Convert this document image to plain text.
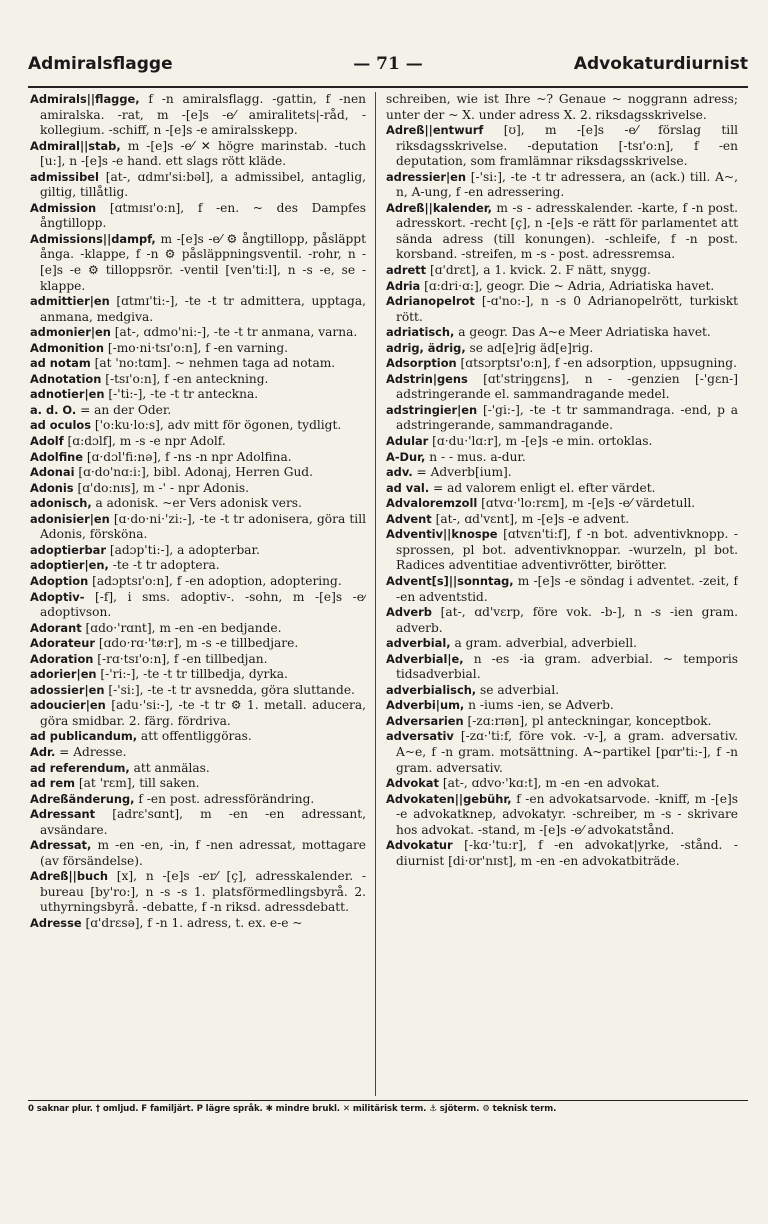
Admiralsflagge	— 71 —	Advokaturdiurnist

Admirals||flagge, f -n amiralsflagg. -gattin, f -nen amiralska. -rat, m -[e]s -e⁄ amiralitets|-råd, -kollegium. -schiff, n -[e]s -e amiralsskepp.

Admiral||stab, m -[e]s -e⁄ ✕ högre marinstab. -tuch [u:], n -[e]s -e hand. ett slags rött kläde.

admissibel [at-, ɑdmɪ'si:bəl], a admissibel, antaglig, giltig, tillåtlig.

Admission [ɑtmɪsɪ'o:n], f -en. ~ des Dampfes ångtillopp.

Admissions||dampf, m -[e]s -e⁄ ⚙ ångtillopp, påsläppt ånga. -klappe, f -n ⚙ påsläppningsventil. -rohr, n -[e]s -e ⚙ tilloppsrör. -ventil [ven'ti:l], n -s -e, se -klappe.

admittier|en [ɑtmɪ'ti:-], -te -t tr admittera, upptaga, anmana, medgiva.

admonier|en [at-, ɑdmo'ni:-], -te -t tr anmana, varna.

Admonition [-mo·ni·tsɪ'o:n], f -en varning.

ad notam [at 'no:tɑm]. ~ nehmen taga ad notam.

Adnotation [-tsɪ'o:n], f -en anteckning.

adnotier|en [-'ti:-], -te -t tr anteckna.

a. d. O. = an der Oder.

ad oculos ['o:ku·lo:s], adv mitt för ögonen, tydligt.

Adolf [ɑ:dɔlf], m -s -e npr Adolf.

Adolfine [ɑ·dɔl'fi:nə], f -ns -n npr Adolfina.

Adonai [ɑ·do'nɑ:i:], bibl. Adonaj, Herren Gud.

Adonis [ɑ'do:nɪs], m -' - npr Adonis.

adonisch, a adonisk. ~er Vers adonisk vers.

adonisier|en [ɑ·do·ni·'zi:-], -te -t tr adonisera, göra till Adonis, försköna.

adoptierbar [adɔp'ti:-], a adopterbar.

adoptier|en, -te -t tr adoptera.

Adoption [adɔptsɪ'o:n], f -en adoption, adoptering.

Adoptiv- [-f], i sms. adoptiv-. -sohn, m -[e]s -e⁄ adoptivson.

Adorant [ɑdo·'rɑnt], m -en -en bedjande.

Adorateur [ɑdo·rɑ·'tø:r], m -s -e tillbedjare.

Adoration [-rɑ·tsɪ'o:n], f -en tillbedjan.

adorier|en [-'ri:-], -te -t tr tillbedja, dyrka.

adossier|en [-'si:], -te -t tr avsnedda, göra sluttande.

adoucier|en [adu·'si:-], -te -t tr ⚙ 1. metall. aducera, göra smidbar. 2. färg. fördriva.

ad publicandum, att offentliggöras.

Adr. = Adresse.

ad referendum, att anmälas.

ad rem [at 'rɛm], till saken.

Adreßänderung, f -en post. adressförändring.

Adressant [adrɛ'sɑnt], m -en -en adressant, avsändare.

Adressat, m -en -en, -in, f -nen adressat, mottagare (av försändelse).

Adreß||buch [x], n -[e]s -er⁄ [ç], adresskalender. -bureau [by'ro:], n -s -s 1. platsförmedlingsbyrå. 2. uthyrningsbyrå. -debatte, f -n riksd. adressdebatt.

Adresse [ɑ'drɛsə], f -n 1. adress, t. ex. e-e ~

schreiben, wie ist Ihre ~? Genaue ~ noggrann adress; unter der ~ X. under adress X. 2. riksdagsskrivelse.

Adreß||entwurf [ʊ], m -[e]s -e⁄ förslag till riksdagsskrivelse. -deputation [-tsɪ'o:n], f -en deputation, som framlämnar riksdagsskrivelse.

adressier|en [-'si:], -te -t tr adressera, an (ack.) till. A~, n, A-ung, f -en adressering.

Adreß||kalender, m -s - adresskalender. -karte, f -n post. adresskort. -recht [ç], n -[e]s -e rätt för parlamentet att sända adress (till konungen). -schleife, f -n post. korsband. -streifen, m -s - post. adressremsa.

adrett [ɑ'drɛt], a 1. kvick. 2. F nätt, snygg.

Adria [ɑ:dri·ɑ:], geogr. Die ~ Adria, Adriatiska havet.

Adrianopelrot [-ɑ'no:-], n -s 0 Adrianopelrött, turkiskt rött.

adriatisch, a geogr. Das A~e Meer Adriatiska havet.

adrig, ädrig, se ad[e]rig äd[e]rig.

Adsorption [ɑtsɔrptsɪ'o:n], f -en adsorption, uppsugning.

Adstrin|gens [ɑt'striŋgɛns], n - -genzien [-'gɛn-] adstringerande el. sammandragande medel.

adstringier|en [-'gi:-], -te -t tr sammandraga. -end, p a adstringerande, sammandragande.

Adular [ɑ·du·'lɑ:r], m -[e]s -e min. ortoklas.

A-Dur, n - - mus. a-dur.

adv. = Adverb[ium].

ad val. = ad valorem enligt el. efter värdet.

Advaloremzoll [ɑtvɑ·'lo:rɛm], m -[e]s -e⁄ värdetull.

Advent [at-, ɑd'vɛnt], m -[e]s -e advent.

Adventiv||knospe [ɑtvɛn'ti:f], f -n bot. adventivknopp. -sprossen, pl bot. adventivknoppar. -wurzeln, pl bot. Radices adventitiae adventivrötter, birötter.

Advent[s]||sonntag, m -[e]s -e söndag i adventet. -zeit, f -en adventstid.

Adverb [at-, ɑd'vɛrp, före vok. -b-], n -s -ien gram. adverb.

adverbial, a gram. adverbial, adverbiell.

Adverbial|e, n -es -ia gram. adverbial. ~ temporis tidsadverbial.

adverbialisch, se adverbial.

Adverbi|um, n -iums -ien, se Adverb.

Adversarien [-zɑ:rɪən], pl anteckningar, konceptbok.

adversativ [-zɑ·'ti:f, före vok. -v-], a gram. adversativ. A~e, f -n gram. motsättning. A~partikel [pɑr'ti:-], f -n gram. adversativ.

Advokat [at-, ɑdvo·'kɑ:t], m -en -en advokat.

Advokaten||gebühr, f -en advokatsarvode. -kniff, m -[e]s -e advokatknep, advokatyr. -schreiber, m -s - skrivare hos advokat. -stand, m -[e]s -e⁄ advokatstånd.

Advokatur [-kɑ·'tu:r], f -en advokat|yrke, -stånd. -diurnist [di·ʊr'nɪst], m -en -en advokatbiträde.

0 saknar plur. † omljud. F familjärt. P lägre språk. ✱ mindre brukl. ✕ militärisk term. ⚓ sjöterm. ⚙ teknisk term.
